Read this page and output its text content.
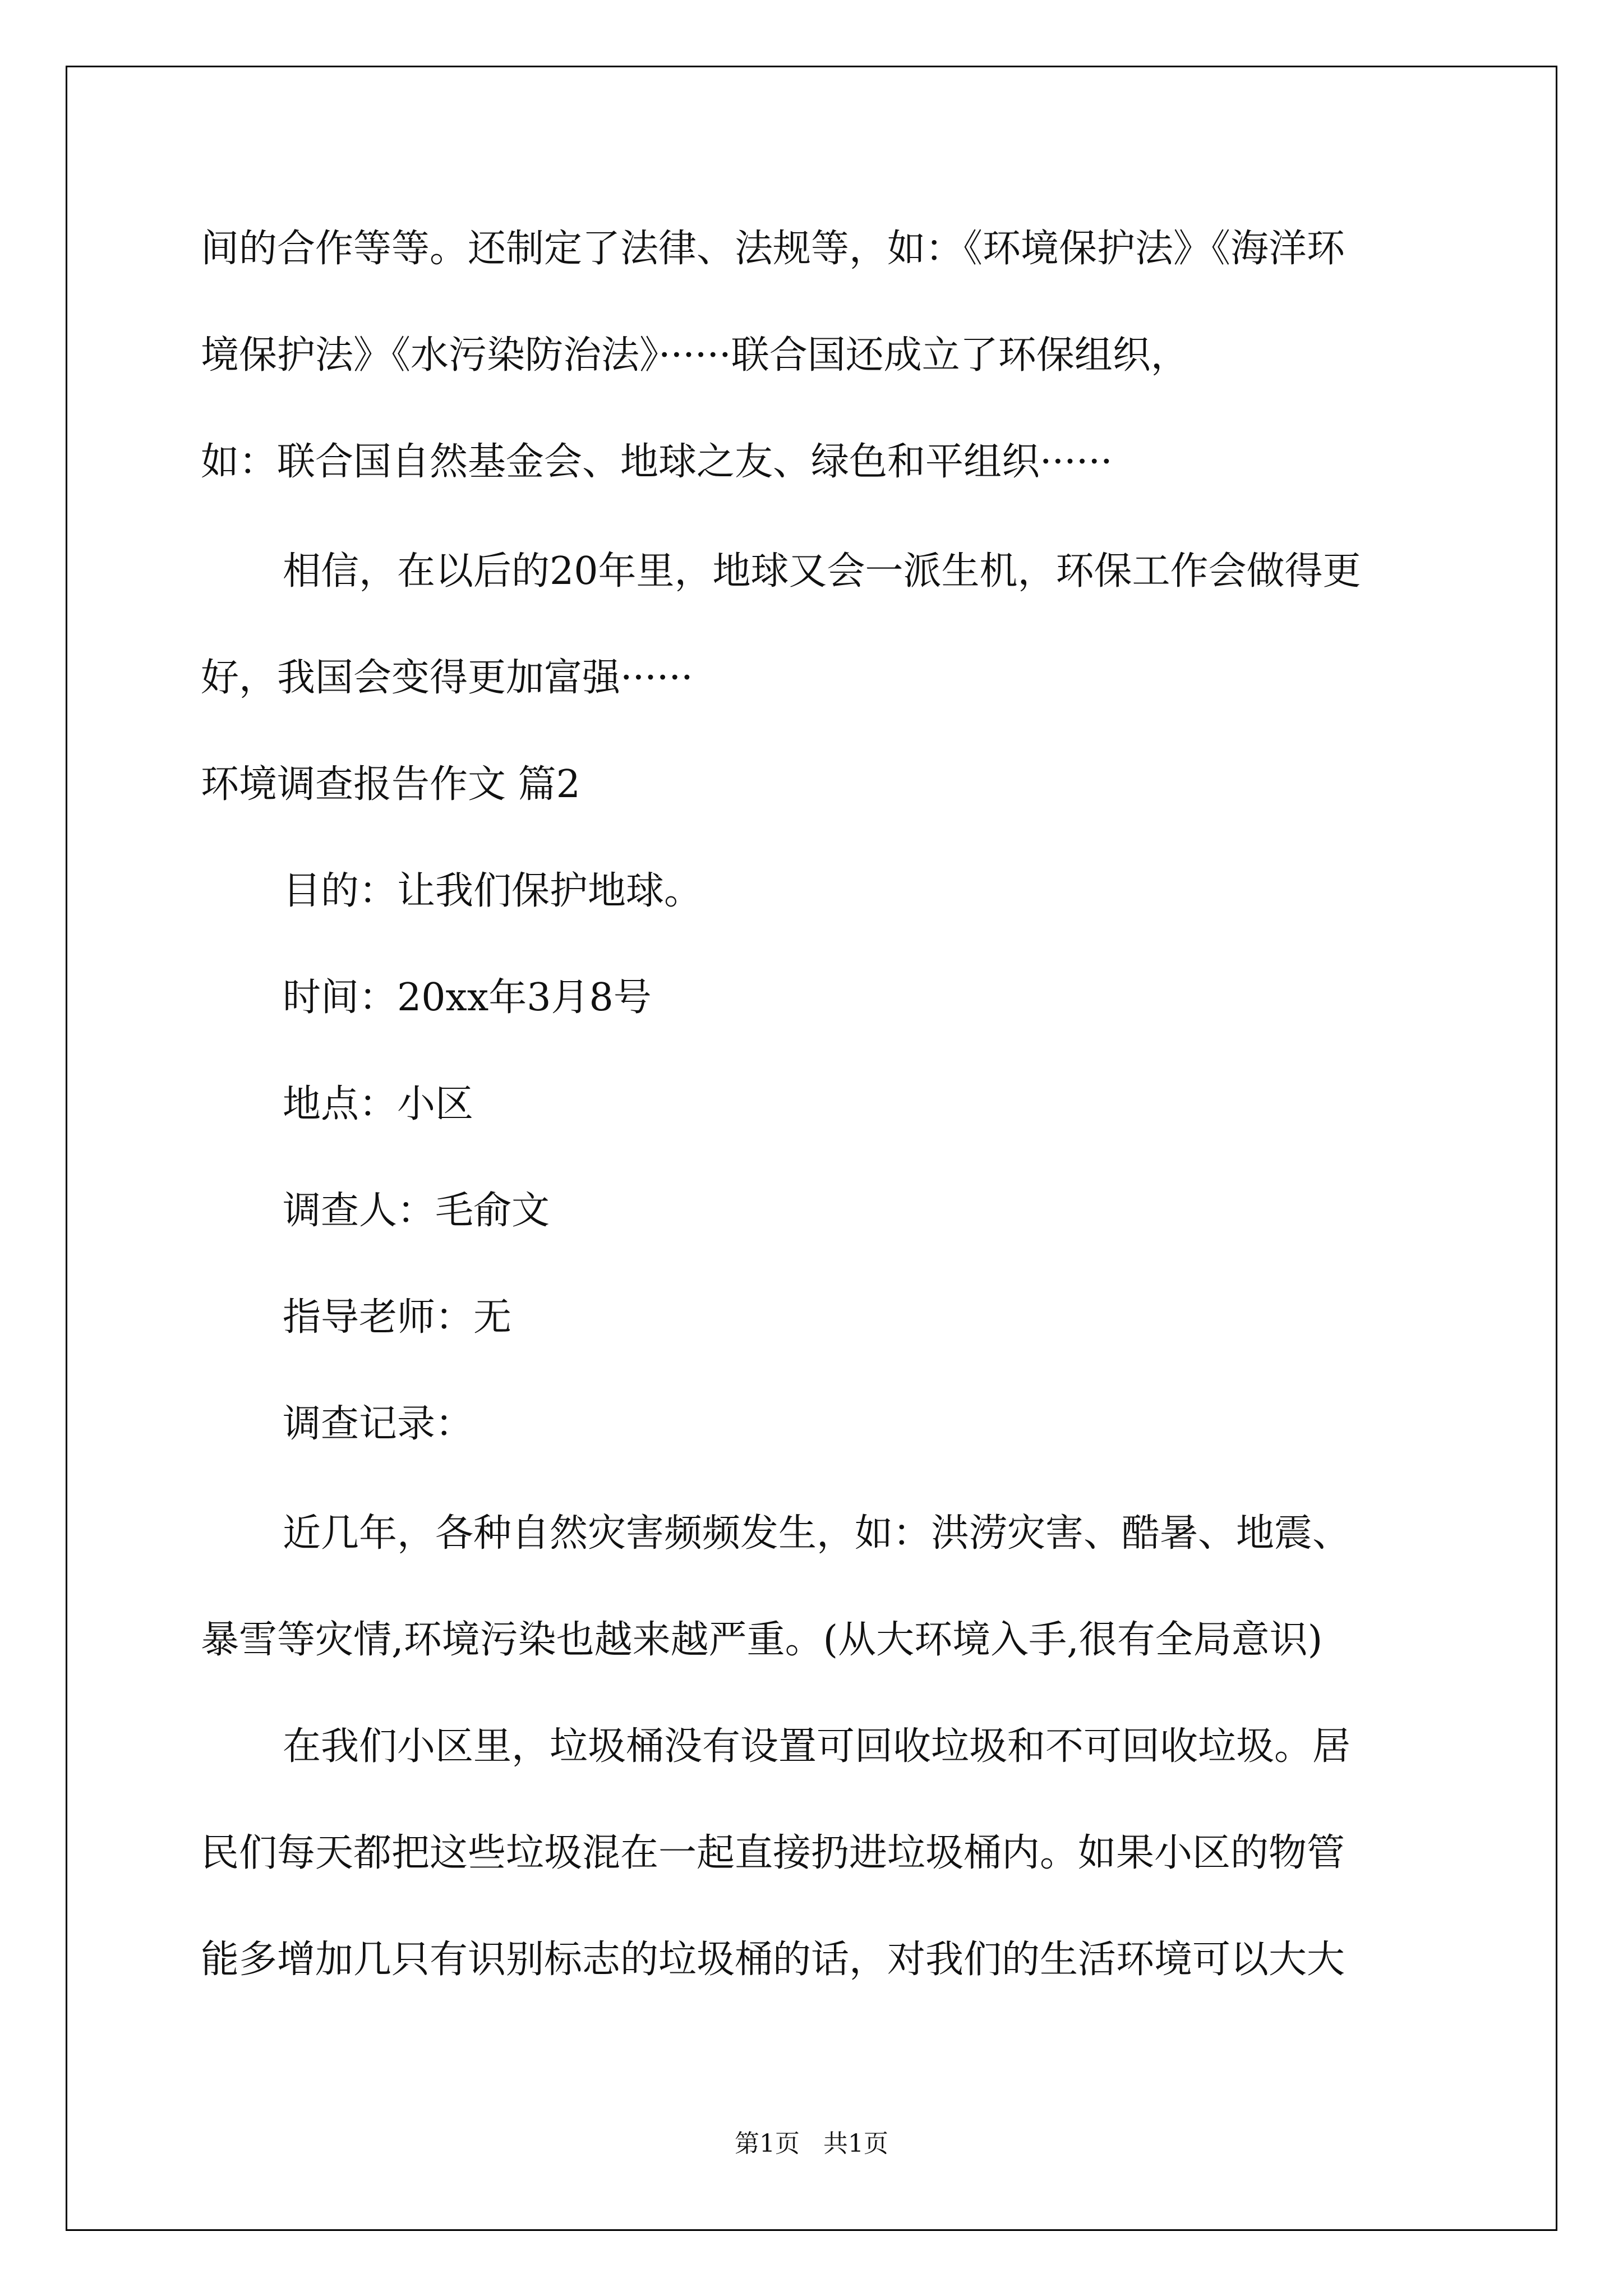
间的合作等等。还制定了法律、法规等，如：《环境保护法》《海洋环
境保护法》《水污染防治法》······联合国还成立了环保组织，
如：联合国自然基金会、地球之友、绿色和平组织······
相信，在以后的20年里，地球又会一派生机，环保工作会做得更
好，我国会变得更加富强······
环境调查报告作文 篇2
目的：让我们保护地球。
时间：20xx年3月8号
地点：小区
调查人：毛俞文
指导老师：无
调查记录：
近几年，各种自然灾害频频发生，如：洪涝灾害、酷暑、地震、
暴雪等灾情,环境污染也越来越严重。(从大环境入手,很有全局意识)
在我们小区里，垃圾桶没有设置可回收垃圾和不可回收垃圾。居
民们每天都把这些垃圾混在一起直接扔进垃圾桶内。如果小区的物管
能多增加几只有识别标志的垃圾桶的话，对我们的生活环境可以大大
第1页   共1页
